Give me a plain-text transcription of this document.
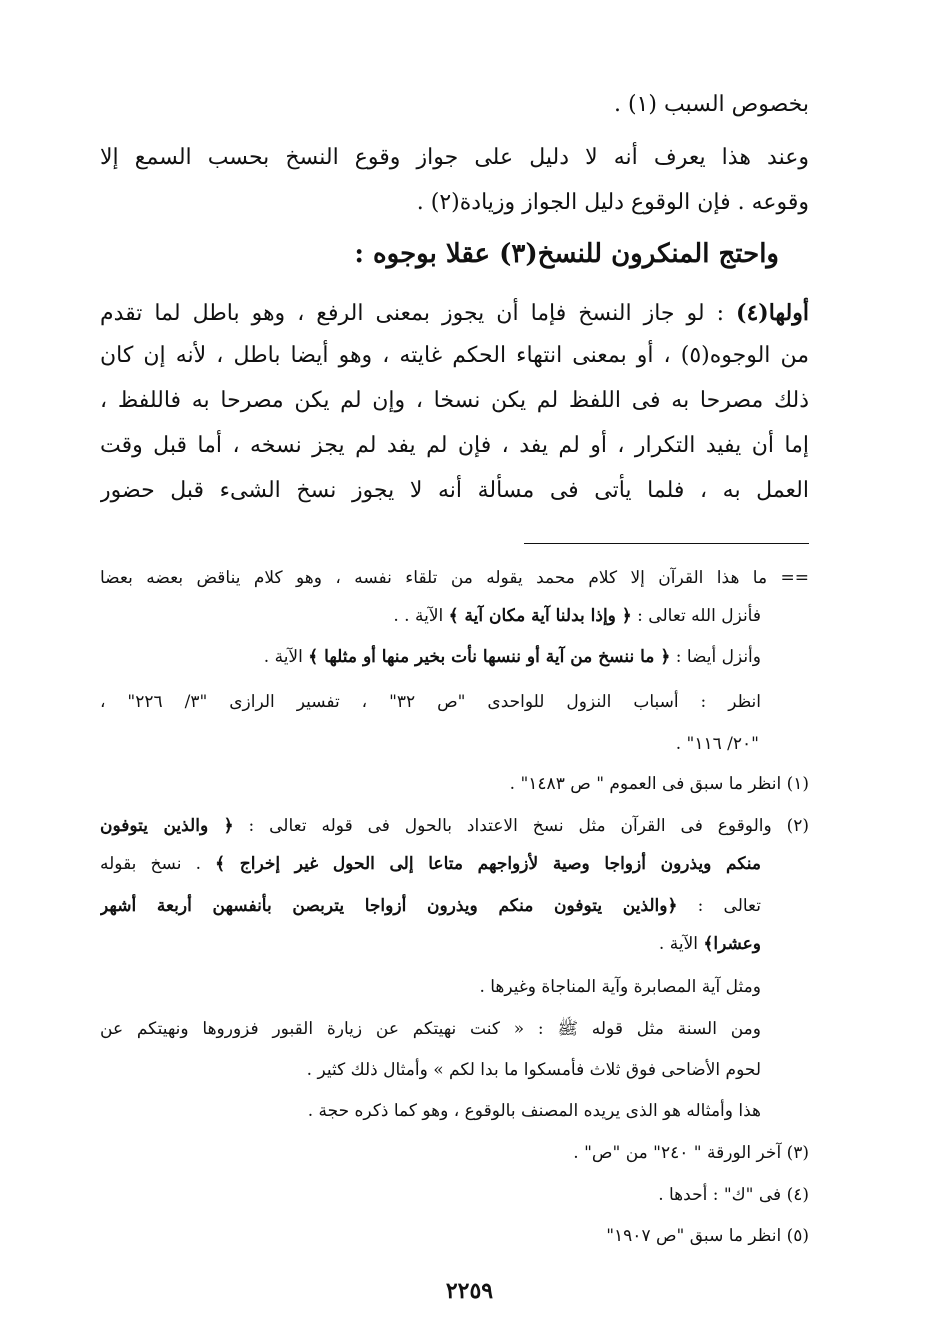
بخصوص السبب (١) .
وعند هذا يعرف أنه لا دليل على جواز وقوع النسخ بحسب السمع إلا
وقوعه . فإن الوقوع دليل الجواز وزيادة(٢) .
واحتج المنكرون للنسخ(٣) عقلا بوجوه :
أولها(٤) : لو جاز النسخ فإما أن يجوز بمعنى الرفع ، وهو باطل لما تقدم
من الوجوه(٥) ، أو بمعنى انتهاء الحكم غايته ، وهو أيضا باطل ، لأنه إن كان
ذلك مصرحا به فى اللفظ لم يكن نسخا ، وإن لم يكن مصرحا به فاللفظ ،
إما أن يفيد التكرار ، أو لم يفد ، فإن لم يفد لم يجز نسخه ، أما قبل وقت
العمل به ، فلما يأتى فى مسألة أنه لا يجوز نسخ الشىء قبل حضور
== ما هذا القرآن إلا كلام محمد يقوله من تلقاء نفسه ، وهو كلام يناقض بعضه بعضا
فأنزل الله تعالى : ﴿ وإذا بدلنا آية مكان آية ﴾ الآية . .
وأنزل أيضا : ﴿ ما ننسخ من آية أو ننسها نأت بخير منها أو مثلها ﴾ الآية .
انظر : أسباب النزول للواحدى "ص ٣٢" ، تفسير الرازى "٣/ ٢٢٦" ،
"٢٠/ ١١٦" .
(١) انظر ما سبق فى العموم " ص ١٤٨٣" .
(٢) والوقوع فى القرآن مثل نسخ الاعتداد بالحول فى قوله تعالى : ﴿ والذين يتوفون
منكم ويذرون أزواجا وصية لأزواجهم متاعا إلى الحول غير إخراج ﴾ . نسخ بقوله
تعالى : ﴿والذين يتوفون منكم ويذرون أزواجا يتربصن بأنفسهن أربعة أشهر
وعشرا﴾ الآية .
ومثل آية المصابرة وآية المناجاة وغيرها .
ومن السنة مثل قوله ﷺ : « كنت نهيتكم عن زيارة القبور فزوروها ونهيتكم عن
لحوم الأضاحى فوق ثلاث فأمسكوا ما بدا لكم » وأمثال ذلك كثير .
هذا وأمثاله هو الذى يريده المصنف بالوقوع ، وهو كما ذكره حجة .
(٣) آخر الورقة " ٢٤٠" من "ص" .
(٤) فى "ك" : أحدها .
(٥) انظر ما سبق "ص ١٩٠٧"
٢٢٥٩
